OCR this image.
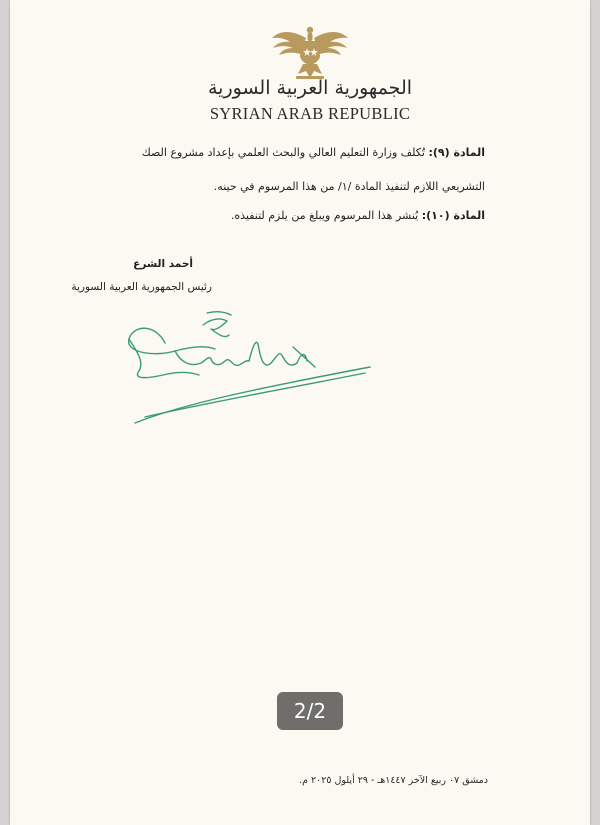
الجمهورية العربية السورية
SYRIAN ARAB REPUBLIC
المادة (٩): تُكلف وزارة التعليم العالي والبحث العلمي بإعداد مشروع الصك
التشريعي اللازم لتنفيذ المادة /١/ من هذا المرسوم في حينه.
المادة (١٠): يُنشر هذا المرسوم ويبلغ من يلزم لتنفيذه.
أحمد الشرع
رئيس الجمهورية العربية السورية
2/2
دمشق ٠٧ ربيع الآخر ١٤٤٧هـ - ٢٩ أيلول ٢٠٢٥ م.
